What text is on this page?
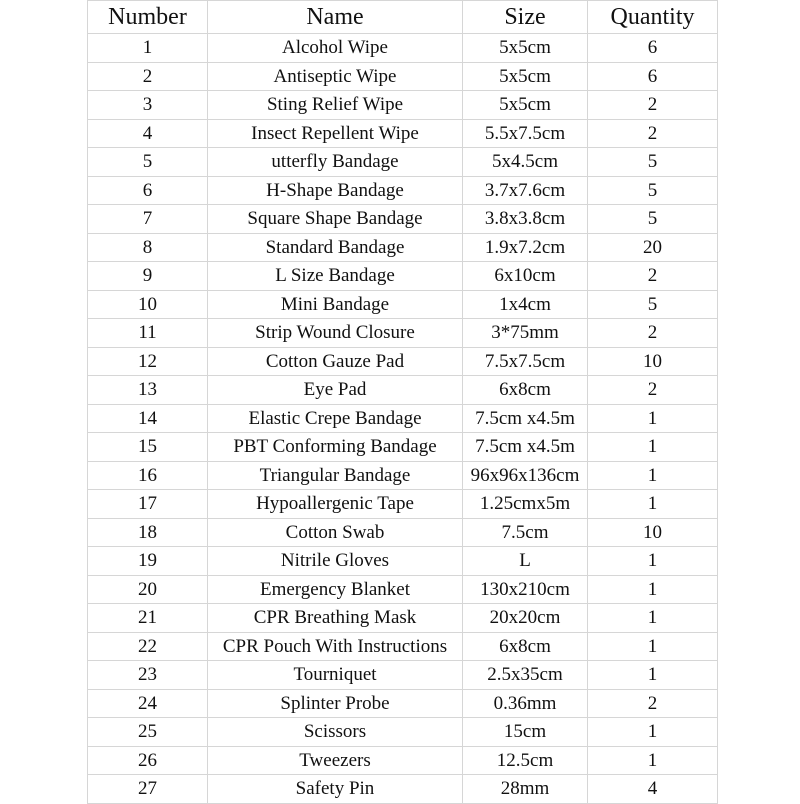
Number	Name	Size	Quantity
1	Alcohol Wipe	5x5cm	6
2	Antiseptic Wipe	5x5cm	6
3	Sting Relief Wipe	5x5cm	2
4	Insect Repellent Wipe	5.5x7.5cm	2
5	utterfly Bandage	5x4.5cm	5
6	H-Shape Bandage	3.7x7.6cm	5
7	Square Shape Bandage	3.8x3.8cm	5
8	Standard Bandage	1.9x7.2cm	20
9	L Size Bandage	6x10cm	2
10	Mini Bandage	1x4cm	5
11	Strip Wound Closure	3*75mm	2
12	Cotton Gauze Pad	7.5x7.5cm	10
13	Eye Pad	6x8cm	2
14	Elastic Crepe Bandage	7.5cm x4.5m	1
15	PBT Conforming Bandage	7.5cm x4.5m	1
16	Triangular Bandage	96x96x136cm	1
17	Hypoallergenic Tape	1.25cmx5m	1
18	Cotton Swab	7.5cm	10
19	Nitrile Gloves	L	1
20	Emergency Blanket	130x210cm	1
21	CPR Breathing Mask	20x20cm	1
22	CPR Pouch With Instructions	6x8cm	1
23	Tourniquet	2.5x35cm	1
24	Splinter Probe	0.36mm	2
25	Scissors	15cm	1
26	Tweezers	12.5cm	1
27	Safety Pin	28mm	4
